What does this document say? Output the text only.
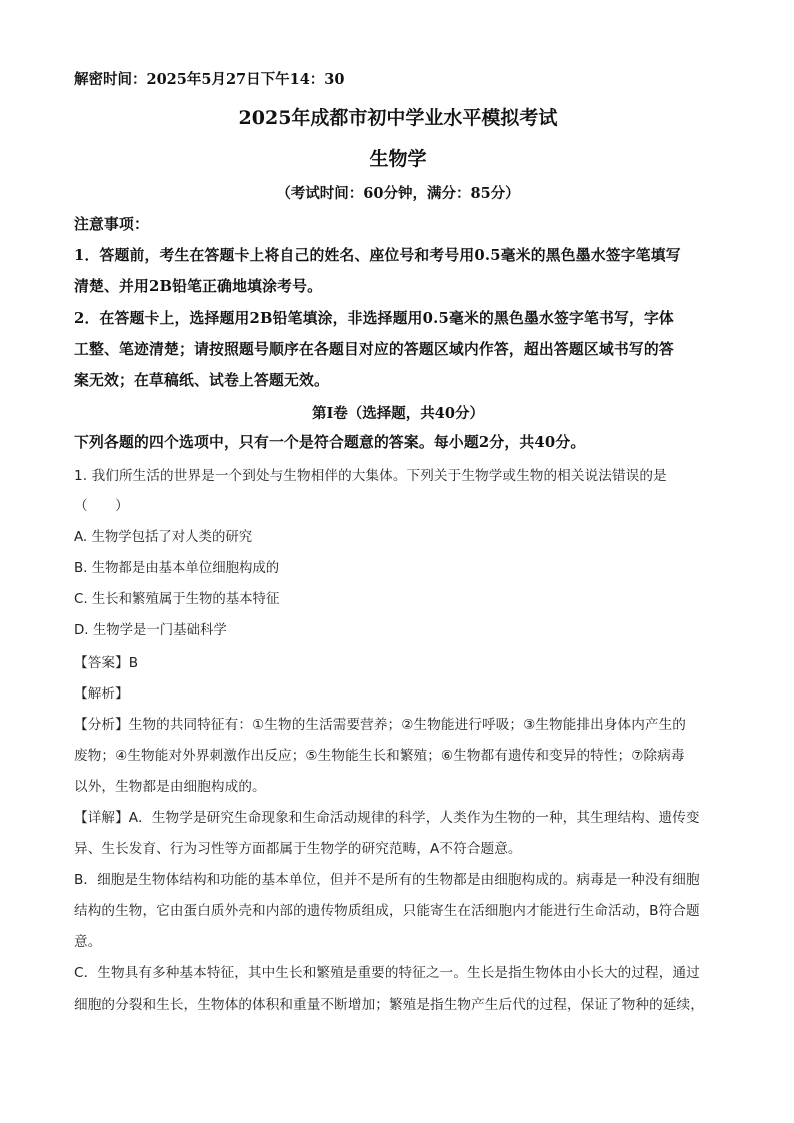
解密时间：2025年5月27日下午14：30
2025年成都市初中学业水平模拟考试
生物学
（考试时间：60分钟，满分：85分）
注意事项：
1．答题前，考生在答题卡上将自己的姓名、座位号和考号用0.5毫米的黑色墨水签字笔填写
清楚、并用2B铅笔正确地填涂考号。
2．在答题卡上，选择题用2B铅笔填涂，非选择题用0.5毫米的黑色墨水签字笔书写，字体
工整、笔迹清楚；请按照题号顺序在各题目对应的答题区域内作答，超出答题区域书写的答
案无效；在草稿纸、试卷上答题无效。
第Ⅰ卷（选择题，共40分）
下列各题的四个选项中，只有一个是符合题意的答案。每小题2分，共40分。
1. 我们所生活的世界是一个到处与生物相伴的大集体。下列关于生物学或生物的相关说法错误的是
（　　）
A. 生物学包括了对人类的研究
B. 生物都是由基本单位细胞构成的
C. 生长和繁殖属于生物的基本特征
D. 生物学是一门基础科学
【答案】B
【解析】
【分析】生物的共同特征有：①生物的生活需要营养；②生物能进行呼吸；③生物能排出身体内产生的
废物；④生物能对外界刺激作出反应；⑤生物能生长和繁殖；⑥生物都有遗传和变异的特性；⑦除病毒
以外，生物都是由细胞构成的。
【详解】A．生物学是研究生命现象和生命活动规律的科学，人类作为生物的一种，其生理结构、遗传变
异、生长发育、行为习性等方面都属于生物学的研究范畴，A不符合题意。
B．细胞是生物体结构和功能的基本单位，但并不是所有的生物都是由细胞构成的。病毒是一种没有细胞
结构的生物，它由蛋白质外壳和内部的遗传物质组成，只能寄生在活细胞内才能进行生命活动，B符合题
意。
C．生物具有多种基本特征，其中生长和繁殖是重要的特征之一。生长是指生物体由小长大的过程，通过
细胞的分裂和生长，生物体的体积和重量不断增加；繁殖是指生物产生后代的过程，保证了物种的延续，
